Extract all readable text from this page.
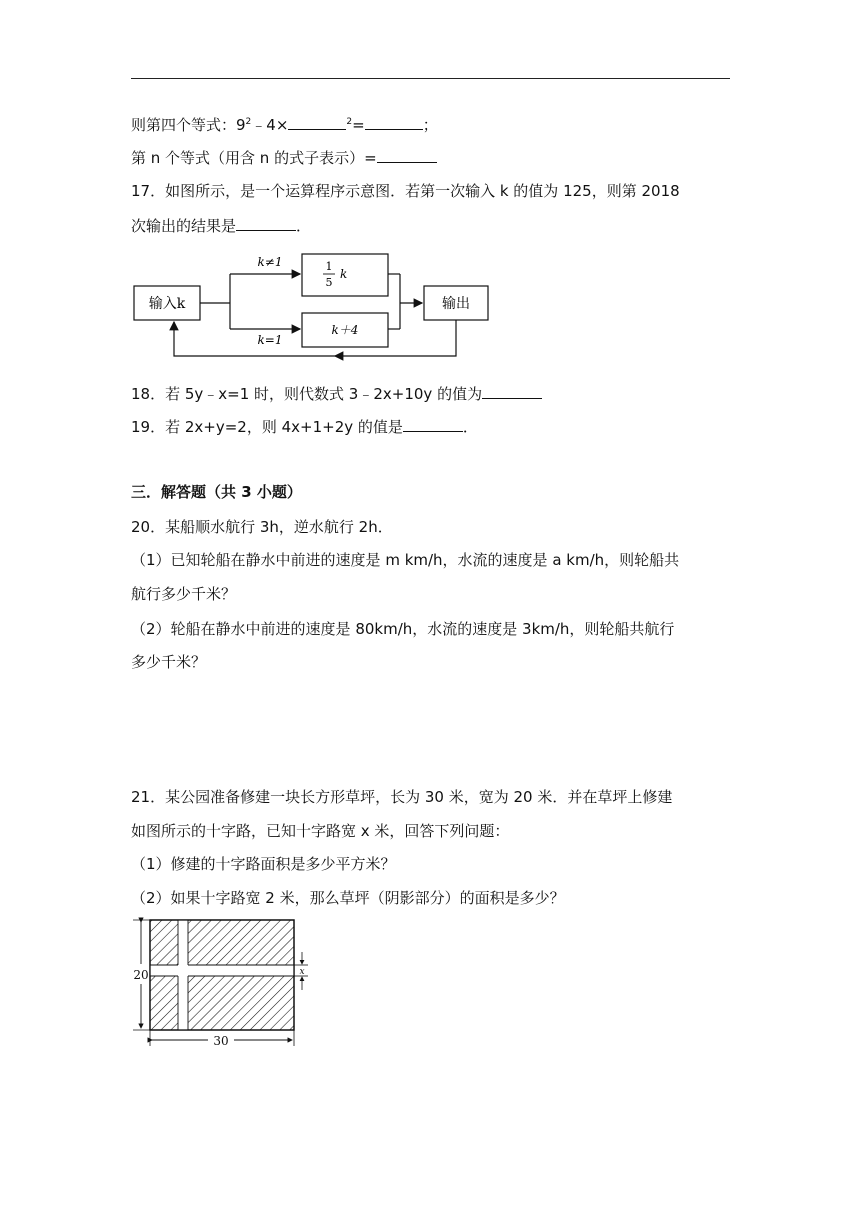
则第四个等式：$9^2﹣4\times$	$^2$=	；
第 n 个等式（用含 n 的式子表示）=
17．如图所示，是一个运算程序示意图．若第一次输入 k 的值为 125，则第 2018
次输出的结果是	．
输入k
k≠1	1
5
k
k=1
k＋4
输出
18．若 5y﹣x=1 时，则代数式 3﹣2x+10y 的值为
19．若 2x+y=2，则 4x+1+2y 的值是	．
三．解答题（共 3 小题）
20．某船顺水航行 3h，逆水航行 2h．
（1）已知轮船在静水中前进的速度是 m km/h，水流的速度是 a km/h，则轮船共
航行多少千米？
（2）轮船在静水中前进的速度是 80km/h，水流的速度是 3km/h，则轮船共航行
多少千米？
21．某公园准备修建一块长方形草坪，长为 30 米，宽为 20 米．并在草坪上修建
如图所示的十字路，已知十字路宽 x 米，回答下列问题：
（1）修建的十字路面积是多少平方米？
（2）如果十字路宽 2 米，那么草坪（阴影部分）的面积是多少？
20
30
x
